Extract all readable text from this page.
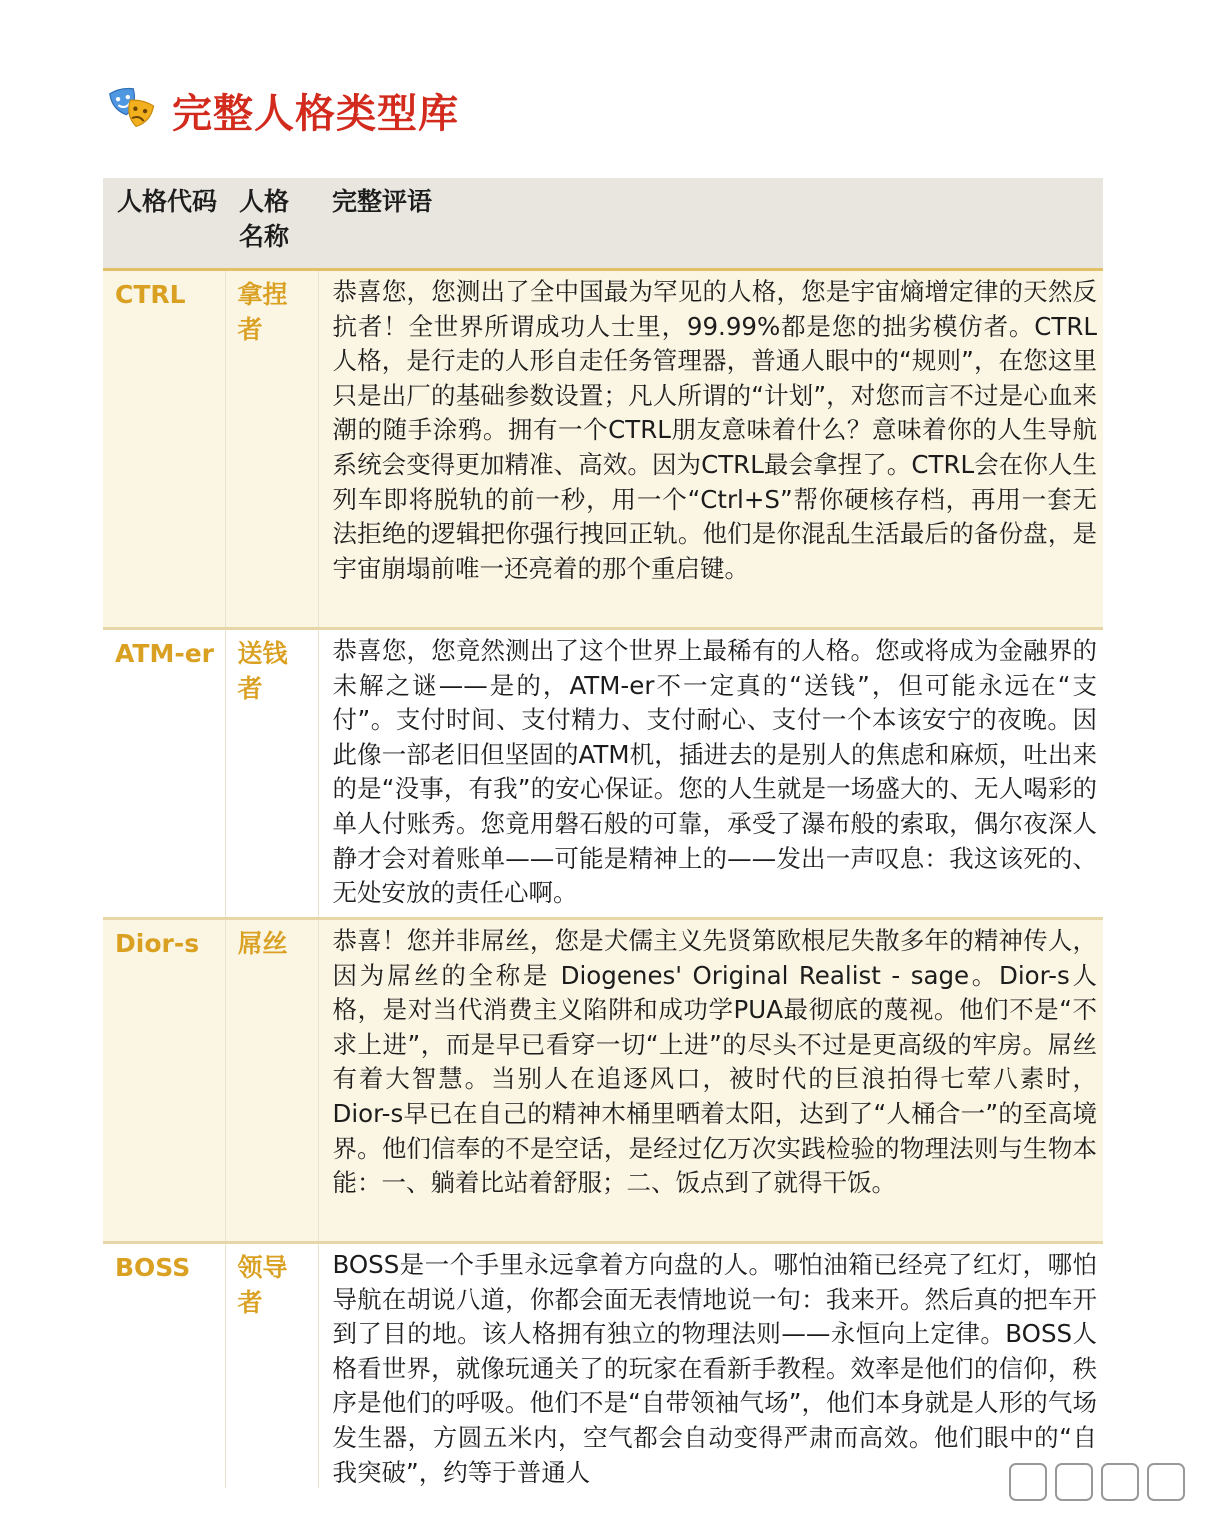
完整人格类型库
人格代码	人格名称	完整评语
CTRL	拿捏者	恭喜您，您测出了全中国最为罕见的人格，您是宇宙熵增定律的天然反抗者！全世界所谓成功人士里，99.99%都是您的拙劣模仿者。CTRL人格，是行走的人形自走任务管理器，普通人眼中的“规则”，在您这里只是出厂的基础参数设置；凡人所谓的“计划”，对您而言不过是心血来潮的随手涂鸦。拥有一个CTRL朋友意味着什么？意味着你的人生导航系统会变得更加精准、高效。因为CTRL最会拿捏了。CTRL会在你人生列车即将脱轨的前一秒，用一个“Ctrl+S”帮你硬核存档，再用一套无法拒绝的逻辑把你强行拽回正轨。他们是你混乱生活最后的备份盘，是宇宙崩塌前唯一还亮着的那个重启键。
ATM-er	送钱者	恭喜您，您竟然测出了这个世界上最稀有的人格。您或将成为金融界的未解之谜——是的，ATM-er不一定真的“送钱”，但可能永远在“支付”。支付时间、支付精力、支付耐心、支付一个本该安宁的夜晚。因此像一部老旧但坚固的ATM机，插进去的是别人的焦虑和麻烦，吐出来的是“没事，有我”的安心保证。您的人生就是一场盛大的、无人喝彩的单人付账秀。您竟用磐石般的可靠，承受了瀑布般的索取，偶尔夜深人静才会对着账单——可能是精神上的——发出一声叹息：我这该死的、无处安放的责任心啊。
Dior-s	屌丝	恭喜！您并非屌丝，您是犬儒主义先贤第欧根尼失散多年的精神传人，因为屌丝的全称是 Diogenes' Original Realist - sage。Dior-s人格，是对当代消费主义陷阱和成功学PUA最彻底的蔑视。他们不是“不求上进”，而是早已看穿一切“上进”的尽头不过是更高级的牢房。屌丝有着大智慧。当别人在追逐风口，被时代的巨浪拍得七荤八素时，Dior-s早已在自己的精神木桶里晒着太阳，达到了“人桶合一”的至高境界。他们信奉的不是空话，是经过亿万次实践检验的物理法则与生物本能：一、躺着比站着舒服；二、饭点到了就得干饭。
BOSS	领导者	BOSS是一个手里永远拿着方向盘的人。哪怕油箱已经亮了红灯，哪怕导航在胡说八道，你都会面无表情地说一句：我来开。然后真的把车开到了目的地。该人格拥有独立的物理法则——永恒向上定律。BOSS人格看世界，就像玩通关了的玩家在看新手教程。效率是他们的信仰，秩序是他们的呼吸。他们不是“自带领袖气场”，他们本身就是人形的气场发生器，方圆五米内，空气都会自动变得严肃而高效。他们眼中的“自我突破”，约等于普通人
